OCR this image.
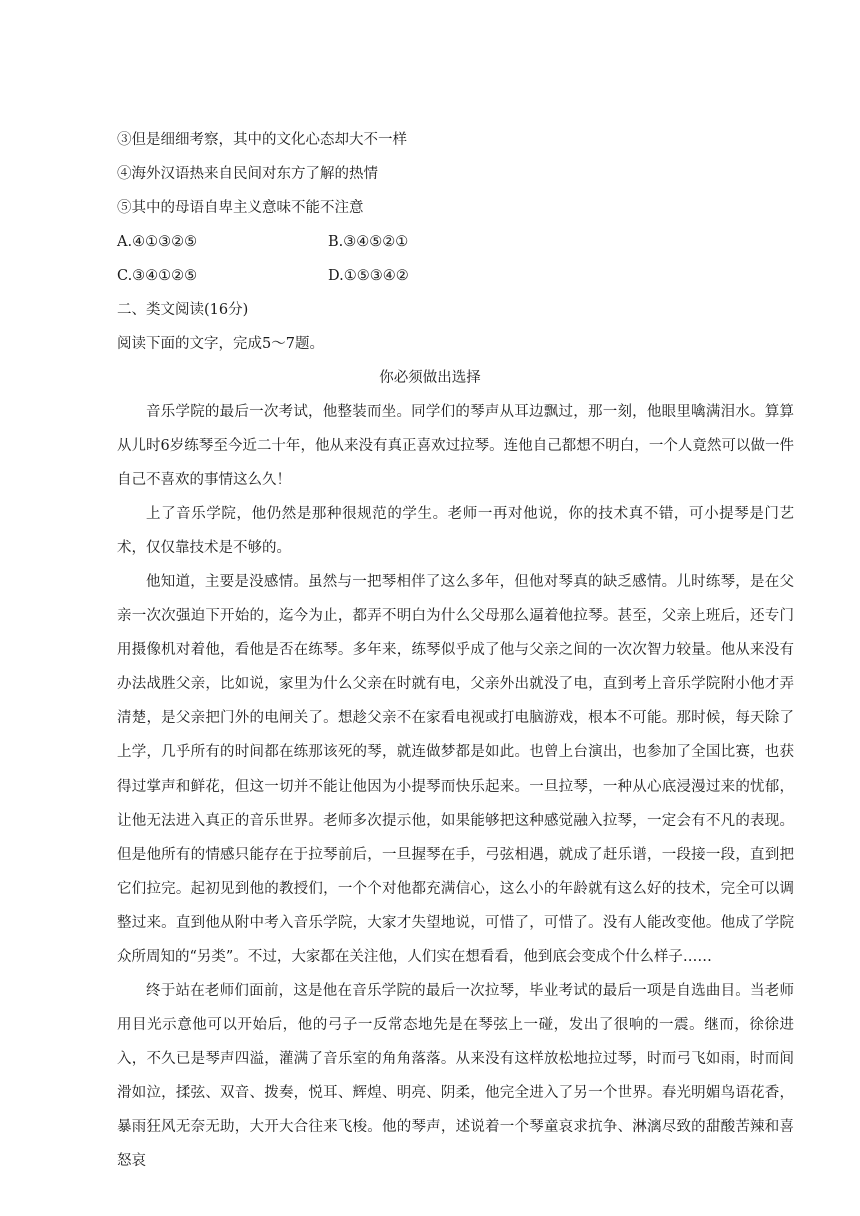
③但是细细考察，其中的文化心态却大不一样
④海外汉语热来自民间对东方了解的热情
⑤其中的母语自卑主义意味不能不注意
A.④①③②⑤	B.③④⑤②①
C.③④①②⑤	D.①⑤③④②
二、类文阅读(16分)
阅读下面的文字，完成5～7题。
你必须做出选择
音乐学院的最后一次考试，他整装而坐。同学们的琴声从耳边飘过，那一刻，他眼里噙满泪水。算算从儿时6岁练琴至今近二十年，他从来没有真正喜欢过拉琴。连他自己都想不明白，一个人竟然可以做一件自己不喜欢的事情这么久！
上了音乐学院，他仍然是那种很规范的学生。老师一再对他说，你的技术真不错，可小提琴是门艺术，仅仅靠技术是不够的。
他知道，主要是没感情。虽然与一把琴相伴了这么多年，但他对琴真的缺乏感情。儿时练琴，是在父亲一次次强迫下开始的，迄今为止，都弄不明白为什么父母那么逼着他拉琴。甚至，父亲上班后，还专门用摄像机对着他，看他是否在练琴。多年来，练琴似乎成了他与父亲之间的一次次智力较量。他从来没有办法战胜父亲，比如说，家里为什么父亲在时就有电，父亲外出就没了电，直到考上音乐学院附小他才弄清楚，是父亲把门外的电闸关了。想趁父亲不在家看电视或打电脑游戏，根本不可能。那时候，每天除了上学，几乎所有的时间都在练那该死的琴，就连做梦都是如此。也曾上台演出，也参加了全国比赛，也获得过掌声和鲜花，但这一切并不能让他因为小提琴而快乐起来。一旦拉琴，一种从心底浸漫过来的忧郁，让他无法进入真正的音乐世界。老师多次提示他，如果能够把这种感觉融入拉琴，一定会有不凡的表现。但是他所有的情感只能存在于拉琴前后，一旦握琴在手，弓弦相遇，就成了赶乐谱，一段接一段，直到把它们拉完。起初见到他的教授们，一个个对他都充满信心，这么小的年龄就有这么好的技术，完全可以调整过来。直到他从附中考入音乐学院，大家才失望地说，可惜了，可惜了。没有人能改变他。他成了学院众所周知的“另类”。不过，大家都在关注他，人们实在想看看，他到底会变成个什么样子……
终于站在老师们面前，这是他在音乐学院的最后一次拉琴，毕业考试的最后一项是自选曲目。当老师用目光示意他可以开始后，他的弓子一反常态地先是在琴弦上一碰，发出了很响的一震。继而，徐徐进入，不久已是琴声四溢，灌满了音乐室的角角落落。从来没有这样放松地拉过琴，时而弓飞如雨，时而间滑如泣，揉弦、双音、拨奏，悦耳、辉煌、明亮、阴柔，他完全进入了另一个世界。春光明媚鸟语花香，暴雨狂风无奈无助，大开大合往来飞梭。他的琴声，述说着一个琴童哀求抗争、淋漓尽致的甜酸苦辣和喜怒哀
